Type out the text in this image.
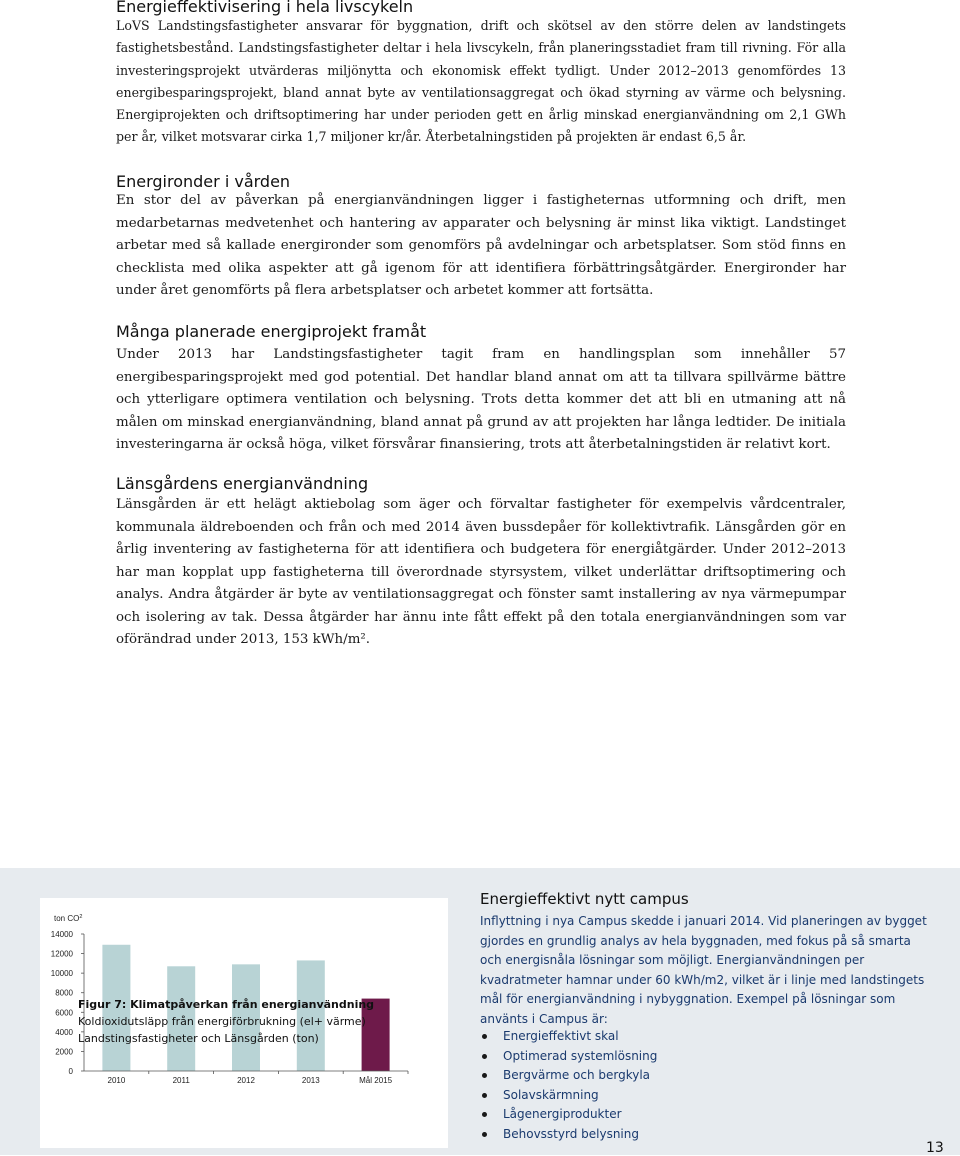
Energieffektivisering i hela livscykeln

LoVS Landstingsfastigheter ansvarar för byggnation, drift och skötsel av den större delen av landstingets fastighetsbestånd. Landstingsfastigheter deltar i hela livscykeln, från planeringsstadiet fram till rivning. För alla investeringsprojekt utvärderas miljönytta och ekonomisk effekt tydligt. Under 2012–2013 genomfördes 13 energibesparingsprojekt, bland annat byte av ventilationsaggregat och ökad styrning av värme och belysning. Energiprojekten och driftsoptimering har under perioden gett en årlig minskad energianvändning om 2,1 GWh per år, vilket motsvarar cirka 1,7 miljoner kr/år. Återbetalningstiden på projekten är endast 6,5 år.

Energironder i vården

En stor del av påverkan på energianvändningen ligger i fastigheternas utformning och drift, men medarbetarnas medvetenhet och hantering av apparater och belysning är minst lika viktigt. Landstinget arbetar med så kallade energironder som genomförs på avdelningar och arbetsplatser. Som stöd finns en checklista med olika aspekter att gå igenom för att identifiera förbättringsåtgärder. Energironder har under året genomförts på flera arbetsplatser och arbetet kommer att fortsätta.

Många planerade energiprojekt framåt

Under 2013 har Landstingsfastigheter tagit fram en handlingsplan som innehåller 57 energibesparingsprojekt med god potential. Det handlar bland annat om att ta tillvara spillvärme bättre och ytterligare optimera ventilation och belysning. Trots detta kommer det att bli en utmaning att nå målen om minskad energianvändning, bland annat på grund av att projekten har långa ledtider. De initiala investeringarna är också höga, vilket försvårar finansiering, trots att återbetalningstiden är relativt kort.

Länsgårdens energianvändning

Länsgården är ett helägt aktiebolag som äger och förvaltar fastigheter för exempelvis vårdcentraler, kommunala äldreboenden och från och med 2014 även bussdepåer för kollektivtrafik. Länsgården gör en årlig inventering av fastigheterna för att identifiera och budgetera för energiåtgärder. Under 2012–2013 har man kopplat upp fastigheterna till överordnade styrsystem, vilket underlättar driftsoptimering och analys. Andra åtgärder är byte av ventilationsaggregat och fönster samt installering av nya värmepumpar och isolering av tak. Dessa åtgärder har ännu inte fått effekt på den totala energianvändningen som var oförändrad under 2013, 153 kWh/m².

ton $CO^2$
0
2000
4000
6000
8000
10000
12000
14000
2010	2011	2012	2013	Mål 2015

Figur 7: Klimatpåverkan från energianvändning

Koldioxidutsläpp från energiförbrukning (el+ värme)

Landstingsfastigheter och Länsgården (ton)

Energieffektivt nytt campus

Inflyttning i nya Campus skedde i januari 2014. Vid planeringen av bygget gjordes en grundlig analys av hela byggnaden, med fokus på så smarta och energisnåla lösningar som möjligt. Energianvändningen per kvadratmeter hamnar under 60 kWh/m2, vilket är i linje med landstingets mål för energianvändning i nybyggnation. Exempel på lösningar som använts i Campus är:

Energieffektivt skal
Optimerad systemlösning
Bergvärme och bergkyla
Solavskärmning
Lågenergiprodukter
Behovsstyrd belysning
13
